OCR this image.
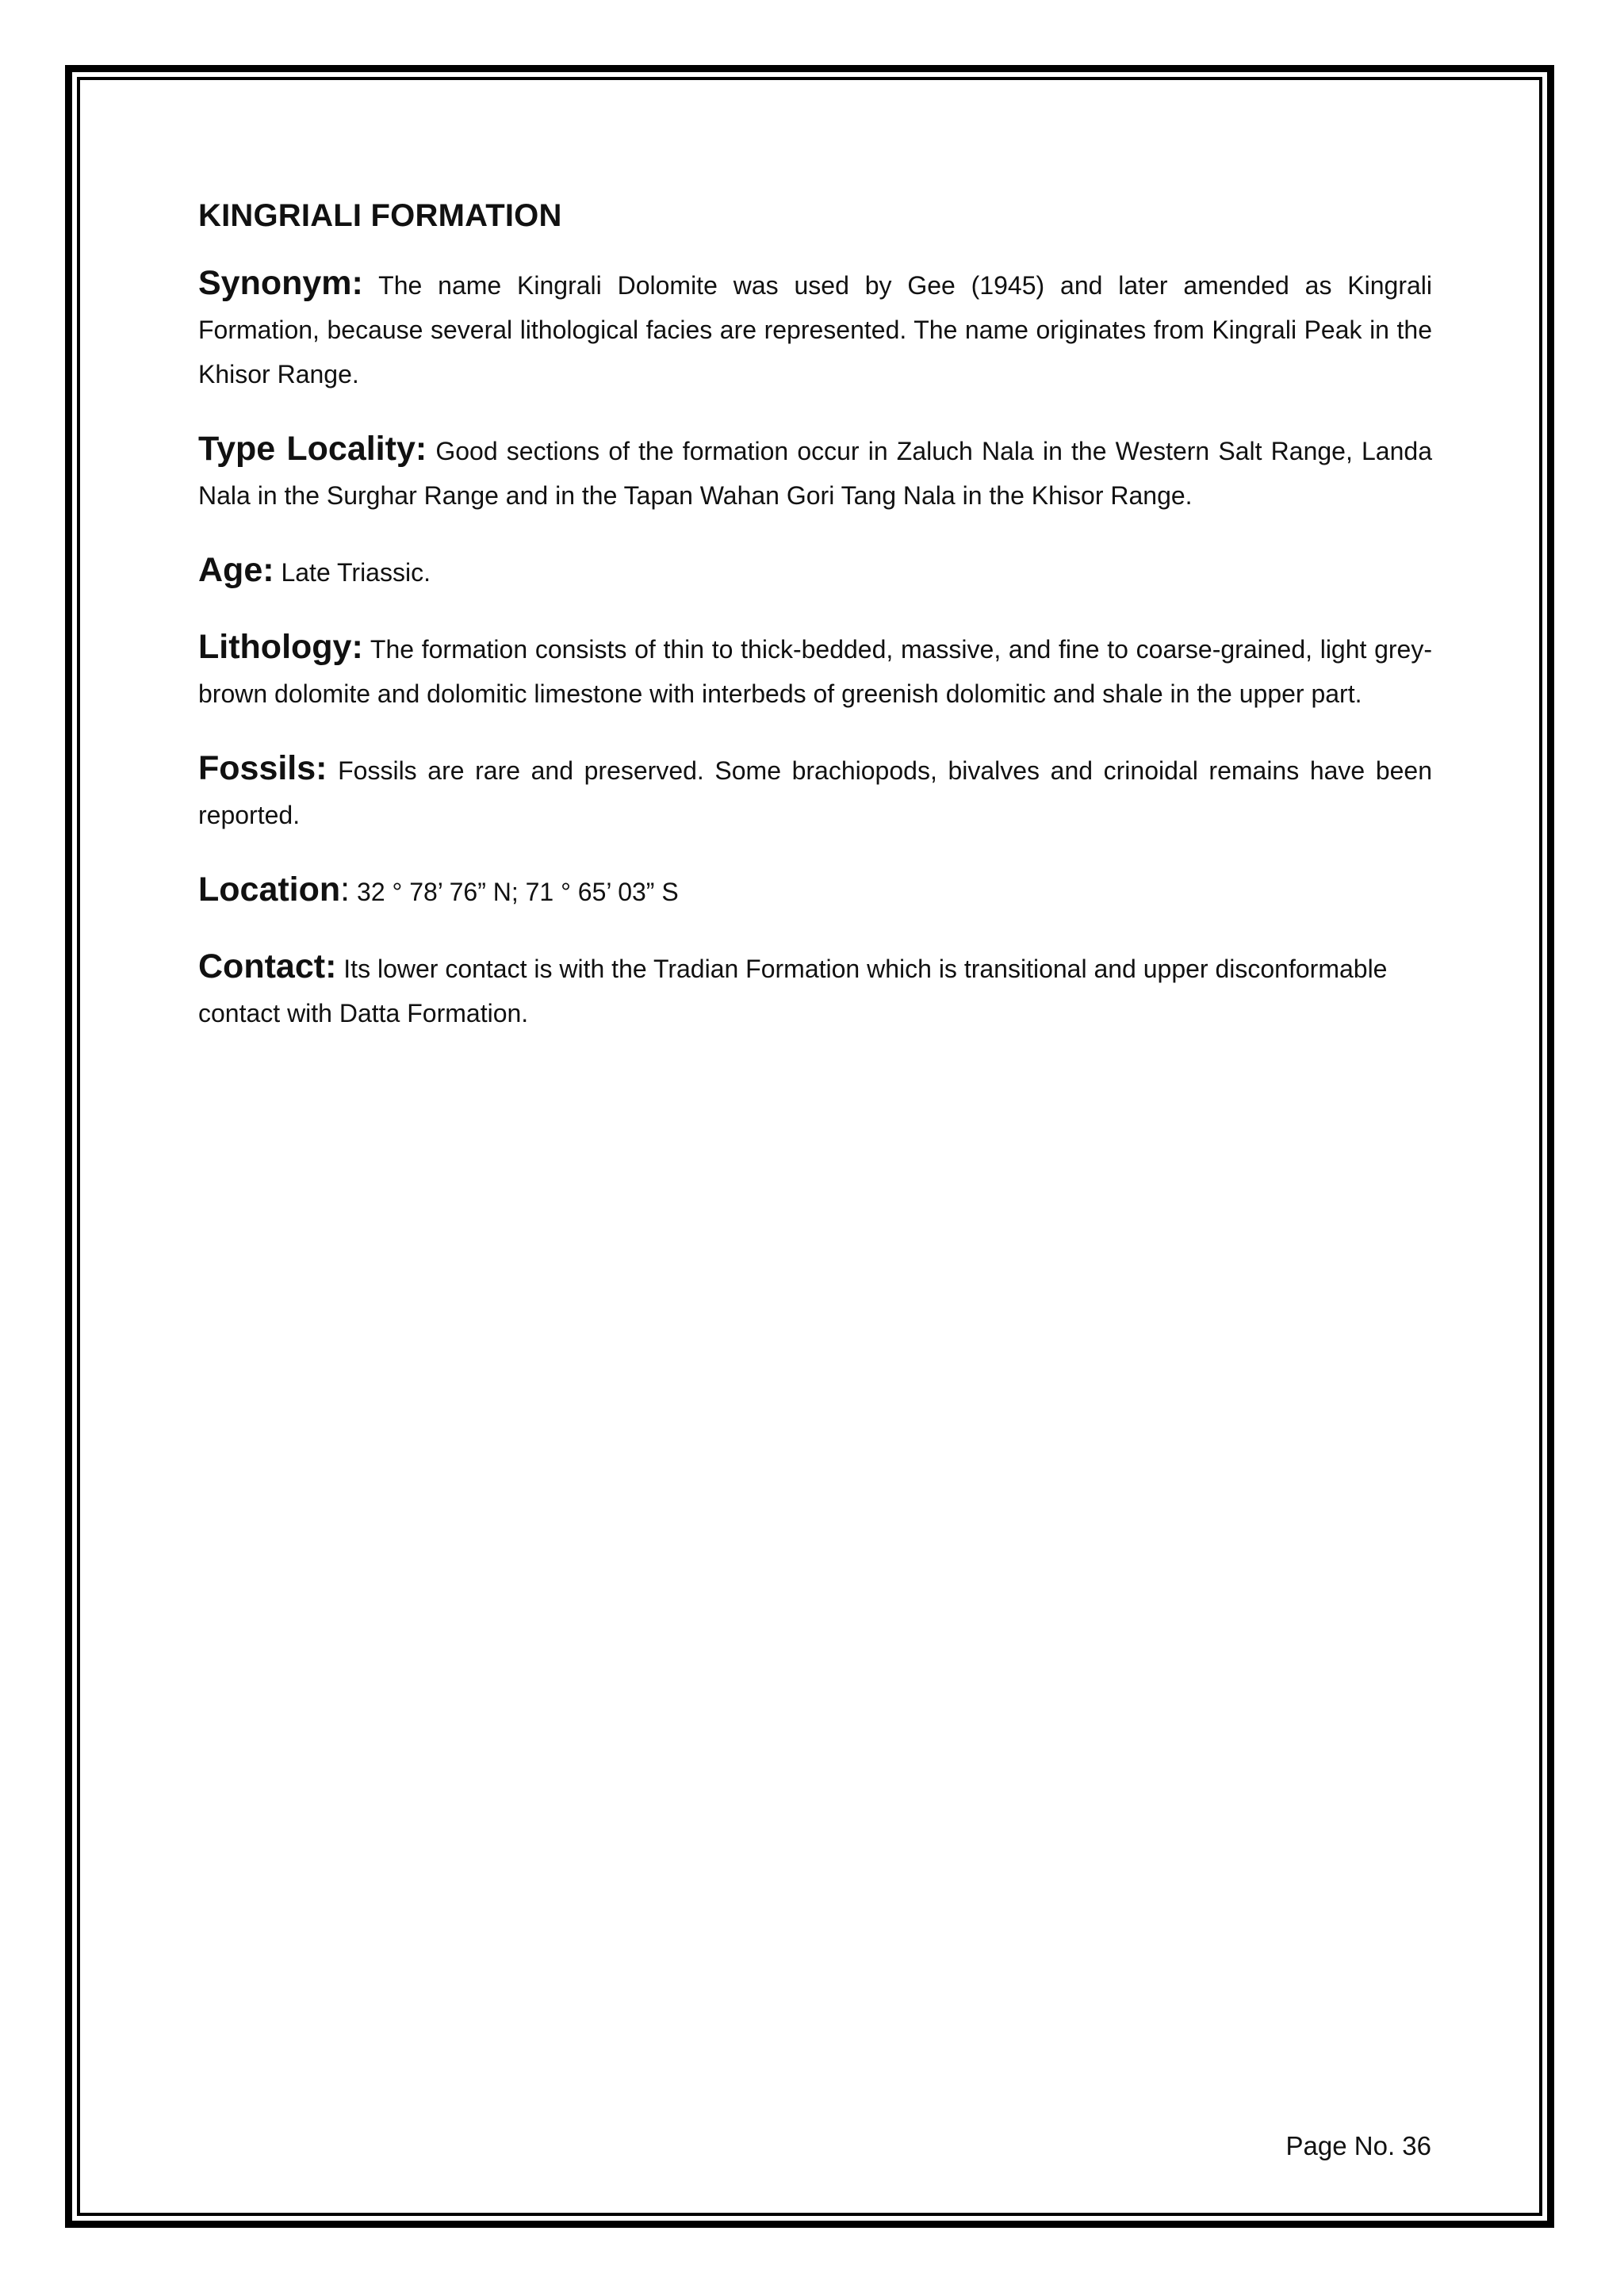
KINGRIALI FORMATION
Synonym: The name Kingrali Dolomite was used by Gee (1945) and later amended as Kingrali Formation, because several lithological facies are represented. The name originates from Kingrali Peak in the Khisor Range.
Type Locality: Good sections of the formation occur in Zaluch Nala in the Western Salt Range, Landa Nala in the Surghar Range and in the Tapan Wahan Gori Tang Nala in the Khisor Range.
Age: Late Triassic.
Lithology: The formation consists of thin to thick-bedded, massive, and fine to coarse-grained, light grey-brown dolomite and dolomitic limestone with interbeds of greenish dolomitic and shale in the upper part.
Fossils: Fossils are rare and preserved. Some brachiopods, bivalves and crinoidal remains have been reported.
Location: 32 ° 78’ 76” N; 71 ° 65’ 03” S
Contact: Its lower contact is with the Tradian Formation which is transitional and upper disconformable contact with Datta Formation.
Page No. 36
